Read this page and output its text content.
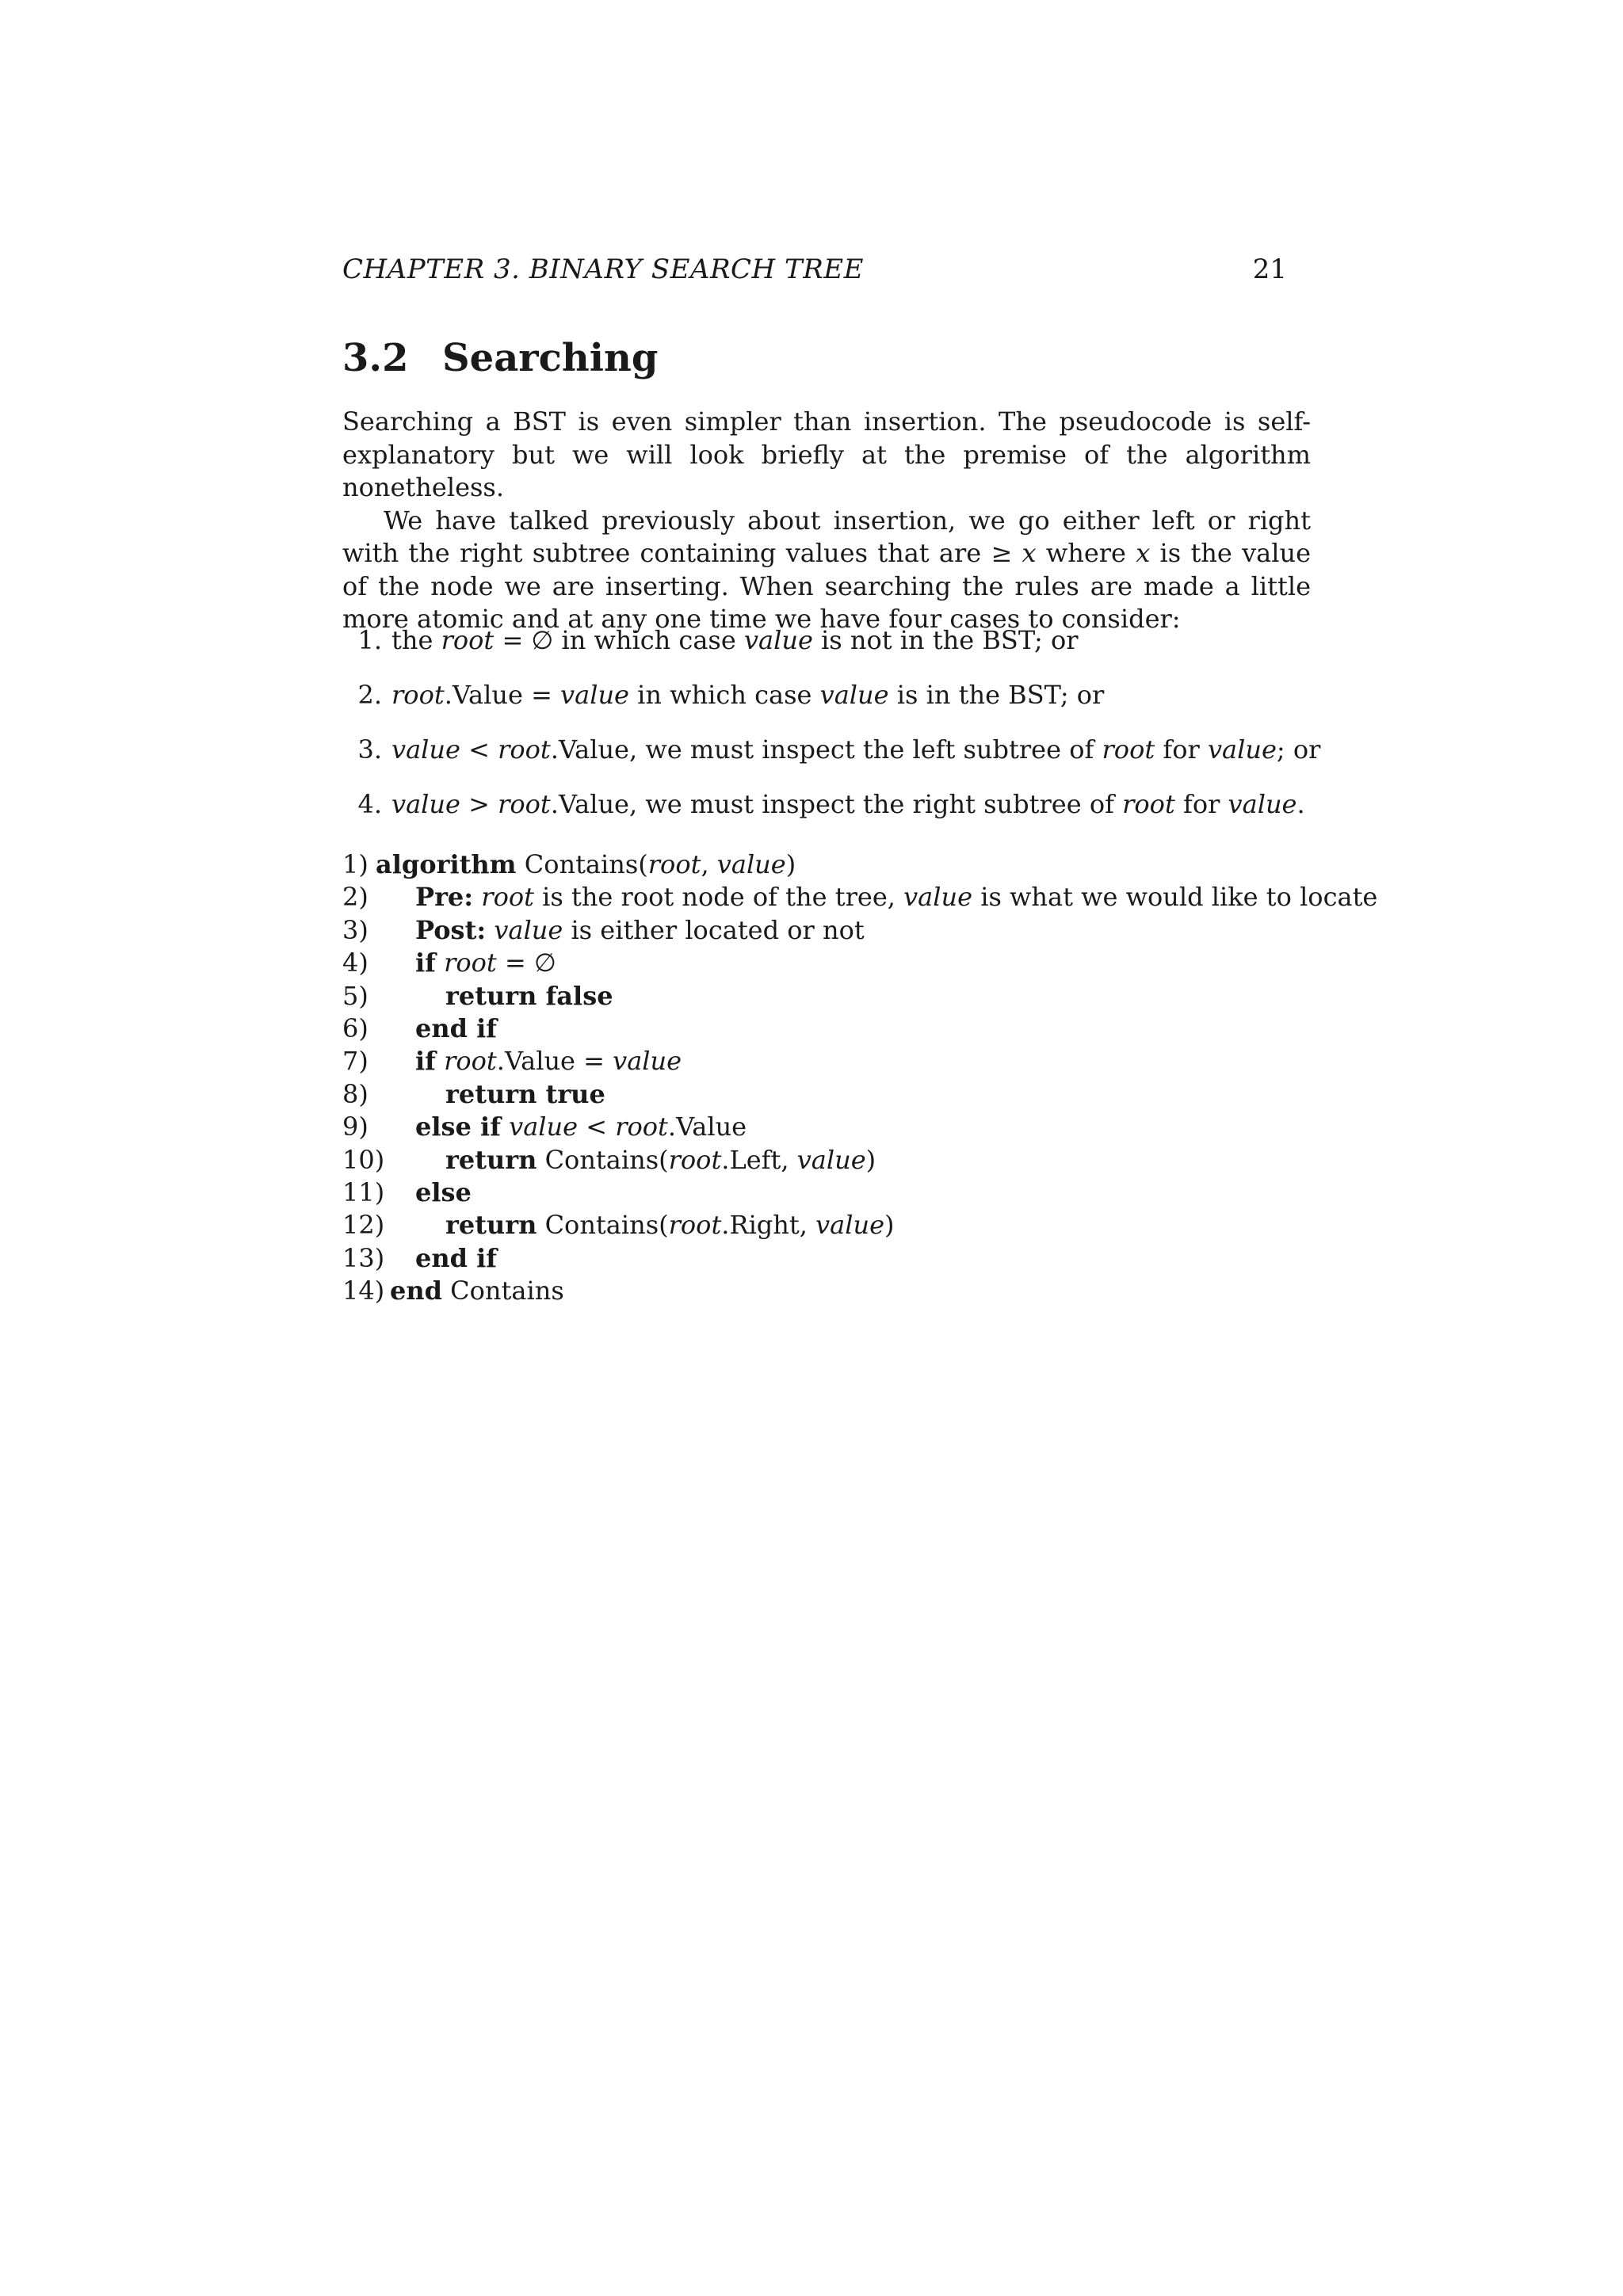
CHAPTER 3. BINARY SEARCH TREE	21
3.2 Searching

Searching a BST is even simpler than insertion. The pseudocode is self-explanatory but we will look briefly at the premise of the algorithm nonetheless.

We have talked previously about insertion, we go either left or right with the right subtree containing values that are ≥ x where x is the value of the node we are inserting. When searching the rules are made a little more atomic and at any one time we have four cases to consider:

1. the root = ∅ in which case value is not in the BST; or
2. root.Value = value in which case value is in the BST; or
3. value < root.Value, we must inspect the left subtree of root for value; or
4. value > root.Value, we must inspect the right subtree of root for value.
1) algorithm Contains(root, value)
2) Pre: root is the root node of the tree, value is what we would like to locate
3) Post: value is either located or not
4) if root = ∅
5)	return false
6) end if
7) if root.Value = value
8)	return true
9) else if value < root.Value
10) return Contains(root.Left, value)
11) else
12) return Contains(root.Right, value)
13) end if
14) end Contains
